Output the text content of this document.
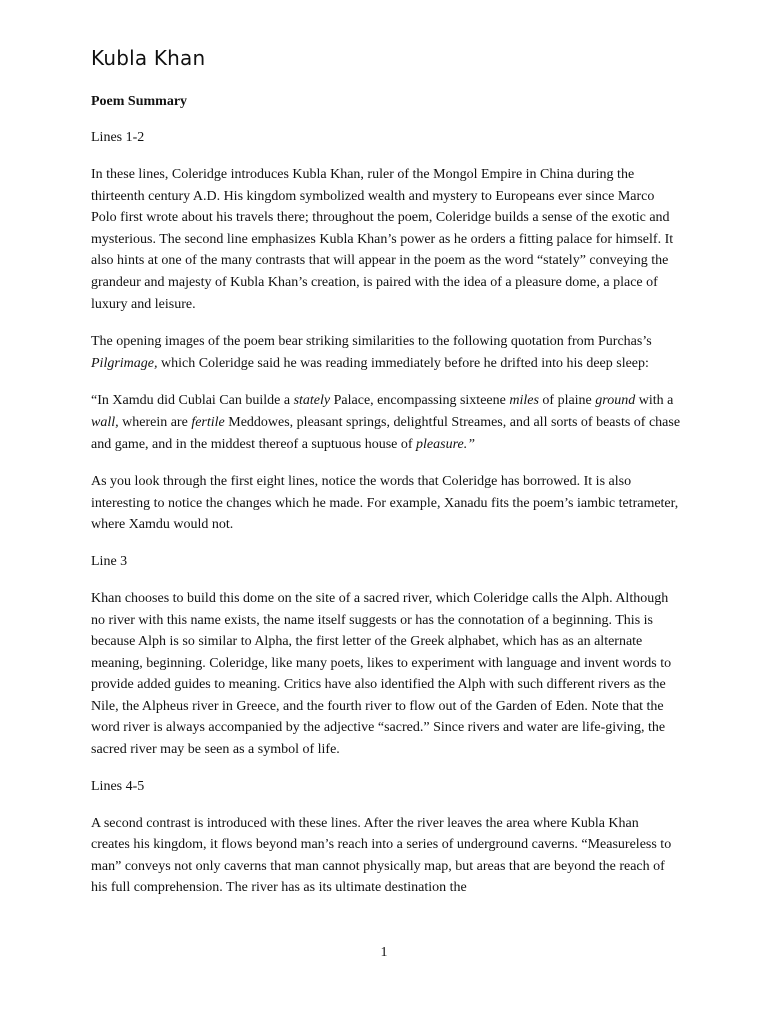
Kubla Khan
Poem Summary
Lines 1-2

In these lines, Coleridge introduces Kubla Khan, ruler of the Mongol Empire in China during the thirteenth century A.D. His kingdom symbolized wealth and mystery to Europeans ever since Marco Polo first wrote about his travels there; throughout the poem, Coleridge builds a sense of the exotic and mysterious. The second line emphasizes Kubla Khan’s power as he orders a fitting palace for himself. It also hints at one of the many contrasts that will appear in the poem as the word “stately” conveying the grandeur and majesty of Kubla Khan’s creation, is paired with the idea of a pleasure dome, a place of luxury and leisure.

The opening images of the poem bear striking similarities to the following quotation from Purchas’s Pilgrimage, which Coleridge said he was reading immediately before he drifted into his deep sleep:

“In Xamdu did Cublai Can builde a stately Palace, encompassing sixteene miles of plaine ground with a wall, wherein are fertile Meddowes, pleasant springs, delightful Streames, and all sorts of beasts of chase and game, and in the middest thereof a suptuous house of pleasure.”

As you look through the first eight lines, notice the words that Coleridge has borrowed. It is also interesting to notice the changes which he made. For example, Xanadu fits the poem’s iambic tetrameter, where Xamdu would not.

Line 3

Khan chooses to build this dome on the site of a sacred river, which Coleridge calls the Alph. Although no river with this name exists, the name itself suggests or has the connotation of a beginning. This is because Alph is so similar to Alpha, the first letter of the Greek alphabet, which has as an alternate meaning, beginning. Coleridge, like many poets, likes to experiment with language and invent words to provide added guides to meaning. Critics have also identified the Alph with such different rivers as the Nile, the Alpheus river in Greece, and the fourth river to flow out of the Garden of Eden. Note that the word river is always accompanied by the adjective “sacred.” Since rivers and water are life-giving, the sacred river may be seen as a symbol of life.

Lines 4-5

A second contrast is introduced with these lines. After the river leaves the area where Kubla Khan creates his kingdom, it flows beyond man’s reach into a series of underground caverns. “Measureless to man” conveys not only caverns that man cannot physically map, but areas that are beyond the reach of his full comprehension. The river has as its ultimate destination the

1
